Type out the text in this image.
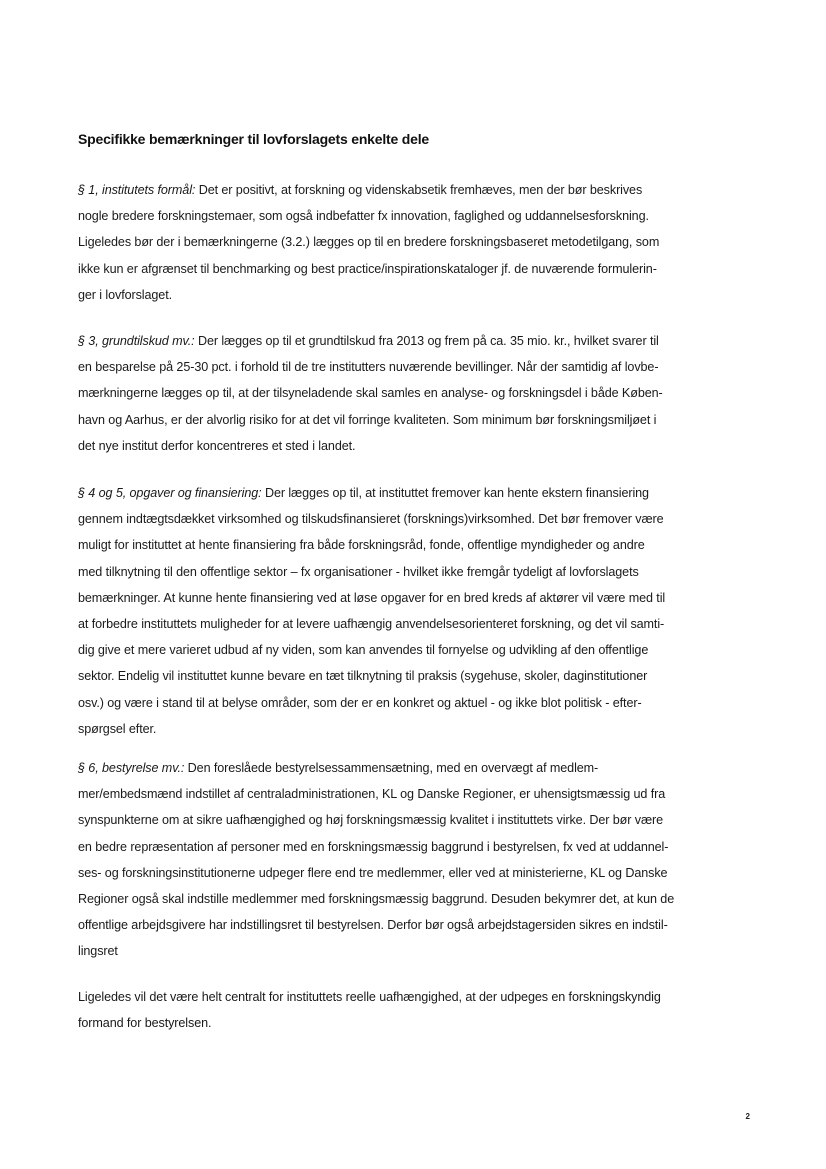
Specifikke bemærkninger til lovforslagets enkelte dele

§ 1, institutets formål: Det er positivt, at forskning og videnskabsetik fremhæves, men der bør beskrives
nogle bredere forskningstemaer, som også indbefatter fx innovation, faglighed og uddannelsesforskning.
Ligeledes bør der i bemærkningerne (3.2.) lægges op til en bredere forskningsbaseret metodetilgang, som
ikke kun er afgrænset til benchmarking og best practice/inspirationskataloger jf. de nuværende formulerin-
ger i lovforslaget.

§ 3, grundtilskud mv.: Der lægges op til et grundtilskud fra 2013 og frem på ca. 35 mio. kr., hvilket svarer til
en besparelse på 25-30 pct. i forhold til de tre institutters nuværende bevillinger. Når der samtidig af lovbe-
mærkningerne lægges op til, at der tilsyneladende skal samles en analyse- og forskningsdel i både Køben-
havn og Aarhus, er der alvorlig risiko for at det vil forringe kvaliteten. Som minimum bør forskningsmiljøet i
det nye institut derfor koncentreres et sted i landet.

§ 4 og 5, opgaver og finansiering: Der lægges op til, at instituttet fremover kan hente ekstern finansiering
gennem indtægtsdækket virksomhed og tilskudsfinansieret (forsknings)virksomhed. Det bør fremover være
muligt for instituttet at hente finansiering fra både forskningsråd, fonde, offentlige myndigheder og andre
med tilknytning til den offentlige sektor – fx organisationer - hvilket ikke fremgår tydeligt af lovforslagets
bemærkninger. At kunne hente finansiering ved at løse opgaver for en bred kreds af aktører vil være med til
at forbedre instituttets muligheder for at levere uafhængig anvendelsesorienteret forskning, og det vil samti-
dig give et mere varieret udbud af ny viden, som kan anvendes til fornyelse og udvikling af den offentlige
sektor. Endelig vil instituttet kunne bevare en tæt tilknytning til praksis (sygehuse, skoler, daginstitutioner
osv.) og være i stand til at belyse områder, som der er en konkret og aktuel - og ikke blot politisk - efter-
spørgsel efter.

§ 6, bestyrelse mv.: Den foreslåede bestyrelsessammensætning, med en overvægt af medlem-
mer/embedsmænd indstillet af centraladministrationen, KL og Danske Regioner, er uhensigtsmæssig ud fra
synspunkterne om at sikre uafhængighed og høj forskningsmæssig kvalitet i instituttets virke. Der bør være
en bedre repræsentation af personer med en forskningsmæssig baggrund i bestyrelsen, fx ved at uddannel-
ses- og forskningsinstitutionerne udpeger flere end tre medlemmer, eller ved at ministerierne, KL og Danske
Regioner også skal indstille medlemmer med forskningsmæssig baggrund. Desuden bekymrer det, at kun de
offentlige arbejdsgivere har indstillingsret til bestyrelsen. Derfor bør også arbejdstagersiden sikres en indstil-
lingsret

Ligeledes vil det være helt centralt for instituttets reelle uafhængighed, at der udpeges en forskningskyndig
formand for bestyrelsen.

2
